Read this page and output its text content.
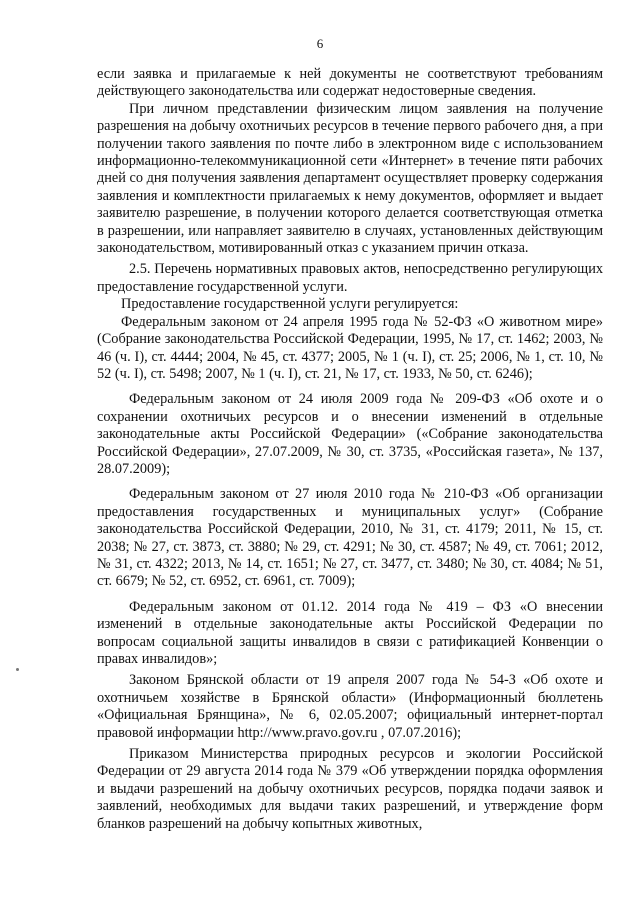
6

если заявка и прилагаемые к ней документы не соответствуют требованиям действующего законодательства или содержат недостоверные сведения.

При личном представлении физическим лицом заявления на получение разрешения на добычу охотничьих ресурсов в течение первого рабочего дня, а при получении такого заявления по почте либо в электронном виде с использованием информационно-телекоммуникационной сети «Интернет» в течение пяти рабочих дней со дня получения заявления департамент осуществляет проверку содержания заявления и комплектности прилагаемых к нему документов, оформляет и выдает заявителю разрешение, в получении которого делается соответствующая отметка в разрешении, или направляет заявителю в случаях, установленных действующим законодательством, мотивированный отказ с указанием причин отказа.

2.5. Перечень нормативных правовых актов, непосредственно регулирующих предоставление государственной услуги.

Предоставление государственной услуги регулируется:

Федеральным законом от 24 апреля 1995 года № 52-ФЗ «О животном мире» (Собрание законодательства Российской Федерации, 1995, № 17, ст. 1462; 2003, № 46 (ч. I), ст. 4444; 2004, № 45, ст. 4377; 2005, № 1 (ч. I), ст. 25; 2006, № 1, ст. 10, № 52 (ч. I), ст. 5498; 2007, № 1 (ч. I), ст. 21, № 17, ст. 1933, № 50, ст. 6246);

Федеральным законом от 24 июля 2009 года № 209-ФЗ «Об охоте и о сохранении охотничьих ресурсов и о внесении изменений в отдельные законодательные акты Российской Федерации» («Собрание законодательства Российской Федерации», 27.07.2009, № 30, ст. 3735, «Российская газета», № 137, 28.07.2009);

Федеральным законом от 27 июля 2010 года № 210-ФЗ «Об организации предоставления государственных и муниципальных услуг» (Собрание законодательства Российской Федерации, 2010, № 31, ст. 4179; 2011, № 15, ст. 2038; № 27, ст. 3873, ст. 3880; № 29, ст. 4291; № 30, ст. 4587; № 49, ст. 7061; 2012, № 31, ст. 4322; 2013, № 14, ст. 1651; № 27, ст. 3477, ст. 3480; № 30, ст. 4084; № 51, ст. 6679; № 52, ст. 6952, ст. 6961, ст. 7009);

Федеральным законом от 01.12. 2014 года № 419 – ФЗ «О внесении изменений в отдельные законодательные акты Российской Федерации по вопросам социальной защиты инвалидов в связи с ратификацией Конвенции о правах инвалидов»;

Законом Брянской области от 19 апреля 2007 года № 54-З «Об охоте и охотничьем хозяйстве в Брянской области» (Информационный бюллетень «Официальная Брянщина», № 6, 02.05.2007; официальный интернет-портал правовой информации http://www.pravo.gov.ru , 07.07.2016);

Приказом Министерства природных ресурсов и экологии Российской Федерации от 29 августа 2014 года № 379 «Об утверждении порядка оформления и выдачи разрешений на добычу охотничьих ресурсов, порядка подачи заявок и заявлений, необходимых для выдачи таких разрешений, и утверждение форм бланков разрешений на добычу копытных животных,
